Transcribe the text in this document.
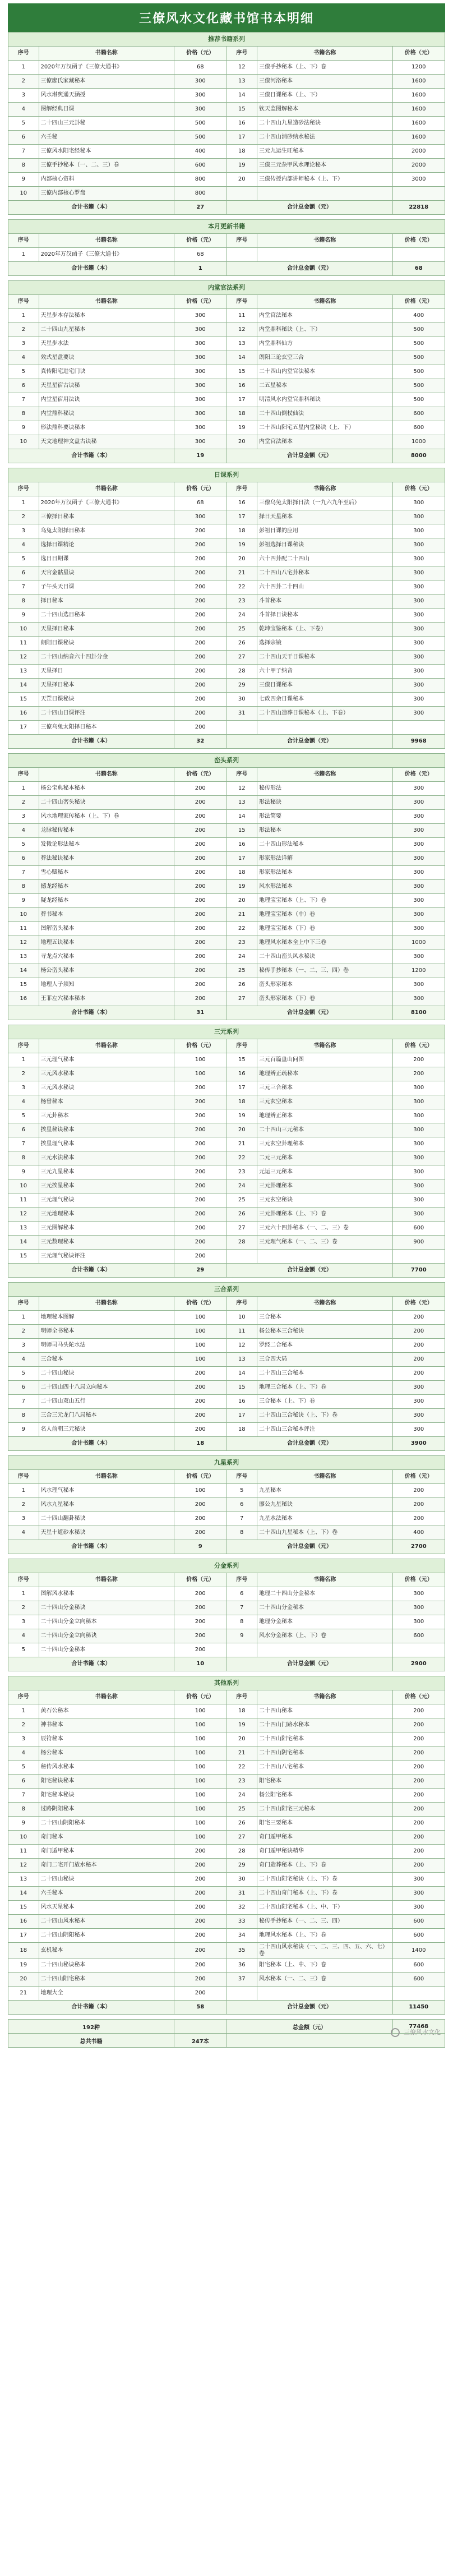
三僚风水文化藏书馆书本明细
推荐书籍系列					
序号	书籍名称	价格（元）	序号	书籍名称	价格（元）
1	2020年万汉函子《三僚大通书》	68	12	三僚手抄秘本（上、下）卷	1200
2	三僚廖氏家藏秘本	300	13	三僚河洛秘本	1600
3	风水堪舆通天涵授	300	14	三僚日课秘本（上、下）	1600
4	图解经典日课	300	15	钦天监图解秘本	1600
5	二十四山三元卦秘	500	16	二十四山九星造砂法秘诀	1600
6	六壬秘	500	17	二十四山消砂纳水秘法	1600
7	三僚风水阳宅经秘本	400	18	三元九运生旺秘本	2000
8	三僚手抄秘本（一、二、三）卷	600	19	三僚三元杂甲风水理论秘本	2000
9	内部核心资料	800	20	三僚传授内部讲师秘本（上、下）	3000
10	三僚内部核心罗盘	800			
合计书籍（本）		27	合计总金额（元）		22818
本月更新书籍					
序号	书籍名称	价格（元）	序号	书籍名称	价格（元）
1	2020年万汉函子《三僚大通书》	68			
合计书籍（本）		1	合计总金额（元）		68
内堂官法系列					
序号	书籍名称	价格（元）	序号	书籍名称	价格（元）
1	天星步本存法秘本	300	11	内堂官法秘本	400
2	二十四山九星秘本	300	12	内堂鼎科秘诀（上、下）	500
3	天星步水法	300	13	内堂鼎科仙方	500
4	效式星盘要诀	300	14	朗阳三论玄空三合	500
5	真传阳宅进宅门诀	300	15	二十四山内堂官法秘本	500
6	天星星宿古诀秘	300	16	二五星秘本	500
7	内堂星宿用法诀	300	17	明清风水内堂官鼎科秘诀	500
8	内堂鼎科秘诀	300	18	二十四山倒杖仙法	600
9	形法鼎科要诀秘本	300	19	二十四山阳宅五星内堂秘诀（上、下）	600
10	天文地理神文盘古诀秘	300	20	内堂官法秘本	1000
合计书籍（本）		19	合计总金额（元）		8000
日课系列					
序号	书籍名称	价格（元）	序号	书籍名称	价格（元）
1	2020年万汉函子《三僚大通书》	68	16	三僚乌兔太阳择日法（一九六九年至后）	300
2	三僚择日秘本	300	17	择日天星秘本	300
3	乌兔太阳择日秘本	200	18	彭祖日课的应用	300
4	选择日课精论	200	19	彭祖选择日课秘诀	300
5	选日日期课	200	20	六十四卦配二十四山	300
6	天官金骷星诀	200	21	二十四山八宅卦秘本	300
7	子午头天日课	200	22	六十四卦二十四山	300
8	择日秘本	200	23	斗首秘本	300
9	二十四山选日秘本	200	24	斗首择日诀秘本	300
10	天星择日秘本	200	25	乾坤宝鉴秘本（上、下卷）	300
11	朗阳日课秘诀	200	26	选择宗镜	300
12	二十四山纳音六十四卦分金	200	27	二十四山天干日课秘本	300
13	天星择日	200	28	六十甲子纳音	300
14	天星择日秘本	200	29	三僚日课秘本	300
15	天罡日课秘诀	200	30	七政四余日课秘本	300
16	二十四山日课评注	200	31	二十四山造葬日课秘本（上、下卷）	300
17	三僚乌兔太阳择日秘本	200			
合计书籍（本）		32	合计总金额（元）		9968
峦头系列					
序号	书籍名称	价格（元）	序号	书籍名称	价格（元）
1	杨公宝典秘本秘本	200	12	秘传形法	300
2	二十四山峦头秘诀	200	13	形法秘诀	300
3	风水地理家传秘本（上、下）卷	200	14	形法简要	300
4	龙脉秘传秘本	200	15	形法秘本	300
5	发微论形法秘本	200	16	二十四山形法秘本	300
6	葬法秘诀秘本	200	17	形家形法详解	300
7	雪心赋秘本	200	18	形家形法秘本	300
8	撼龙经秘本	200	19	风水形法秘本	300
9	疑龙经秘本	200	20	地理宝宝秘本（上、下）卷	300
10	葬书秘本	200	21	地理宝宝秘本（中）卷	300
11	图解峦头秘本	200	22	地理宝宝秘本（下）卷	300
12	地理五诀秘本	200	23	地理风水秘本全上中下三卷	1000
13	寻龙点穴秘本	200	24	二十四山峦头风水秘诀	300
14	杨公峦头秘本	200	25	秘传手抄秘本（一、二、三、四）卷	1200
15	地理人子须知	200	26	峦头形家秘本	300
16	王菲左穴秘本秘本	200	27	峦头形家秘本（下）卷	300
合计书籍（本）		31	合计总金额（元）		8100
三元系列					
序号	书籍名称	价格（元）	序号	书籍名称	价格（元）
1	三元理气秘本	100	15	三元百篇盘山问图	200
2	三元风水秘本	100	16	地理辨正疏秘本	200
3	三元风水秘诀	200	17	三元三合秘本	300
4	杨曾秘本	200	18	三元玄空秘本	300
5	三元卦秘本	200	19	地理辨正秘本	300
6	挨星秘诀秘本	200	20	二十四山三元秘本	300
7	挨星理气秘本	200	21	三元玄空卦理秘本	300
8	三元水法秘本	200	22	二元三元秘本	300
9	三元九星秘本	200	23	元运三元秘本	300
10	三元挨星秘本	200	24	三元卦理秘本	300
11	三元理气秘诀	200	25	三元玄空秘诀	300
12	三元地理秘本	200	26	三元卦理秘本（上、下）卷	300
13	三元图解秘本	200	27	三元六十四卦秘本（一、二、三）卷	600
14	三元数理秘本	200	28	三元理气秘本（一、二、三）卷	900
15	三元理气秘诀评注	200			
合计书籍（本）		29	合计总金额（元）		7700
三合系列					
序号	书籍名称	价格（元）	序号	书籍名称	价格（元）
1	地理秘本图解	100	10	三合秘本	200
2	明师全书秘本	100	11	杨公秘本三合秘诀	200
3	明师司马头陀水法	100	12	罗经二合秘本	200
4	三合秘本	100	13	三合四大局	200
5	二十四山秘诀	200	14	二十四山三合秘本	200
6	二十四山四十八局立向秘本	200	15	地理三合秘本（上、下）卷	300
7	二十四山双山五行	200	16	三合秘本（上、下）卷	300
8	三合三元龙门八局秘本	200	17	二十四山三合秘诀（上、下）卷	300
9	名人前朝三元秘诀	200	18	二十四山三合秘本评注	300
合计书籍（本）		18	合计总金额（元）		3900
九星系列					
序号	书籍名称	价格（元）	序号	书籍名称	价格（元）
1	风水理气秘本	100	5	九星秘本	200
2	风水九星秘本	200	6	廖公九星秘诀	200
3	二十四山翻卦秘诀	200	7	九星水法秘本	200
4	天星十道砂水秘诀	200	8	二十四山九星秘本（上、下）卷	400
合计书籍（本）		9	合计总金额（元）		2700
分金系列					
序号	书籍名称	价格（元）	序号	书籍名称	价格（元）
1	图解风水秘本	200	6	地理二十四山分金秘本	300
2	二十四山分金秘诀	200	7	二十四山分金秘本	300
3	二十四山分金立向秘本	200	8	地理分金秘本	300
4	二十四山分金立向秘诀	200	9	风水分金秘本（上、下）卷	600
5	二十四山分金秘本	200			
合计书籍（本）		10	合计总金额（元）		2900
其他系列					
序号	书籍名称	价格（元）	序号	书籍名称	价格（元）
1	黄石公秘本	100	18	二十四山秘本	200
2	神书秘本	100	19	二十四山门路水秘本	200
3	辰符秘本	100	20	二十四山阳宅秘本	200
4	杨公秘本	100	21	二十四山阴宅秘本	200
5	秘传风水秘本	100	22	二十四山八宅秘本	200
6	阳宅秘诀秘本	100	23	阳宅秘本	200
7	阳宅秘本秘诀	100	24	杨公阳宅秘本	200
8	过路阴阳秘本	100	25	二十四山阳宅三元秘本	200
9	二十四山阴阳秘本	100	26	阳宅三要秘本	200
10	奇门秘本	100	27	奇门遁甲秘本	200
11	奇门遁甲秘本	200	28	奇门遁甲秘诀精华	200
12	奇门二宅开门放水秘本	200	29	奇门造葬秘本（上、下）卷	200
13	二十四山秘诀	200	30	二十四山阳宅秘诀（上、下）卷	300
14	六壬秘本	200	31	二十四山奇门秘本（上、下）卷	300
15	风水天星秘本	200	32	二十四山阳宅秘本（上、中、下）	300
16	二十四山风水秘本	200	33	秘传手抄秘本（一、二、三、四）	600
17	二十四山阴阳秘本	200	34	地理风水秘本（上、下）卷	600
18	玄机秘本	200	35	二十四山风水秘诀（一、二、三、四、五、六、七）卷	1400
19	二十四山秘诀秘本	200	36	阳宅秘本（上、中、下）卷	600
20	二十四山阳宅秘本	200	37	风水秘本（一、二、三）卷	600
21	地理大全	200			
合计书籍（本）		58	合计总金额（元）		11450
192种		总金额（元）	77468
总共书籍	247本		
三僚风水文化
